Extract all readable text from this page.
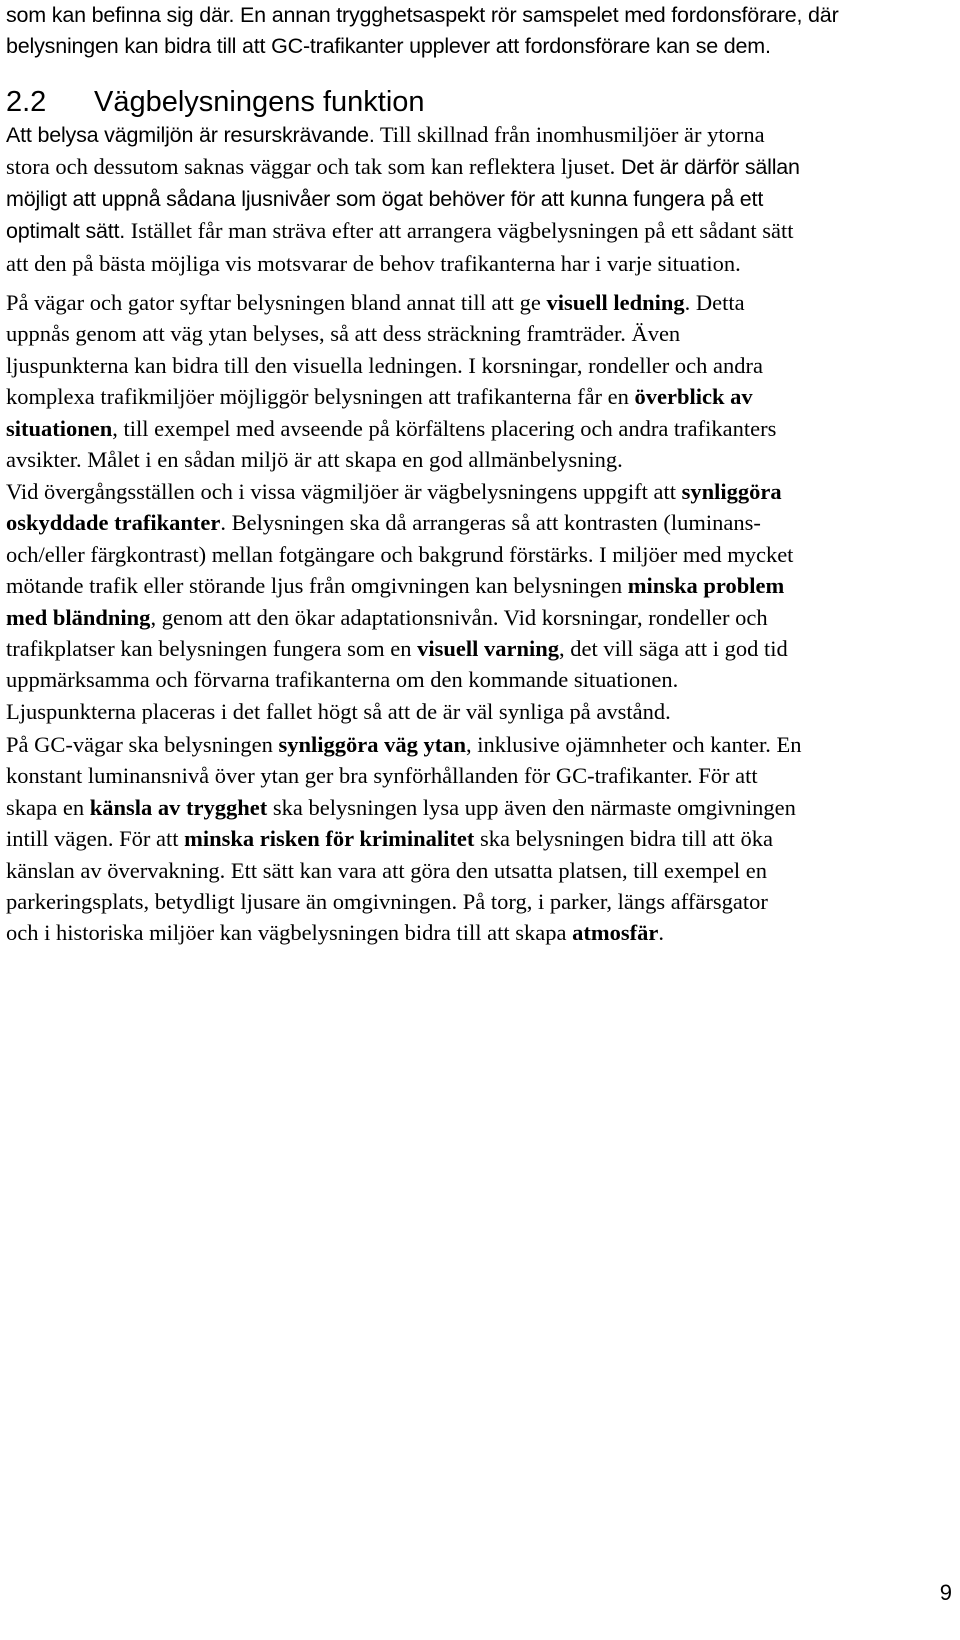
som kan befinna sig där. En annan trygghetsaspekt rör samspelet med fordonsförare, där
belysningen kan bidra till att GC-trafikanter upplever att fordonsförare kan se dem.
2.2 Vägbelysningens funktion
Att belysa vägmiljön är resurskrävande. Till skillnad från inomhusmiljöer är ytorna
stora och dessutom saknas väggar och tak som kan reflektera ljuset. Det är därför sällan
möjligt att uppnå sådana ljusnivåer som ögat behöver för att kunna fungera på ett
optimalt sätt. Istället får man sträva efter att arrangera vägbelysningen på ett sådant sätt
att den på bästa möjliga vis motsvarar de behov trafikanterna har i varje situation.
På vägar och gator syftar belysningen bland annat till att ge visuell ledning. Detta
uppnås genom att väg ytan belyses, så att dess sträckning framträder. Även
ljuspunkterna kan bidra till den visuella ledningen. I korsningar, rondeller och andra
komplexa trafikmiljöer möjliggör belysningen att trafikanterna får en överblick av
situationen, till exempel med avseende på körfältens placering och andra trafikanters
avsikter. Målet i en sådan miljö är att skapa en god allmänbelysning.
Vid övergångsställen och i vissa vägmiljöer är vägbelysningens uppgift att synliggöra
oskyddade trafikanter. Belysningen ska då arrangeras så att kontrasten (luminans-
och/eller färgkontrast) mellan fotgängare och bakgrund förstärks. I miljöer med mycket
mötande trafik eller störande ljus från omgivningen kan belysningen minska problem
med bländning, genom att den ökar adaptationsnivån. Vid korsningar, rondeller och
trafikplatser kan belysningen fungera som en visuell varning, det vill säga att i god tid
uppmärksamma och förvarna trafikanterna om den kommande situationen.
Ljuspunkterna placeras i det fallet högt så att de är väl synliga på avstånd.
På GC-vägar ska belysningen synliggöra väg ytan, inklusive ojämnheter och kanter. En
konstant luminansnivå över ytan ger bra synförhållanden för GC-trafikanter. För att
skapa en känsla av trygghet ska belysningen lysa upp även den närmaste omgivningen
intill vägen. För att minska risken för kriminalitet ska belysningen bidra till att öka
känslan av övervakning. Ett sätt kan vara att göra den utsatta platsen, till exempel en
parkeringsplats, betydligt ljusare än omgivningen. På torg, i parker, längs affärsgator
och i historiska miljöer kan vägbelysningen bidra till att skapa atmosfär.
9
